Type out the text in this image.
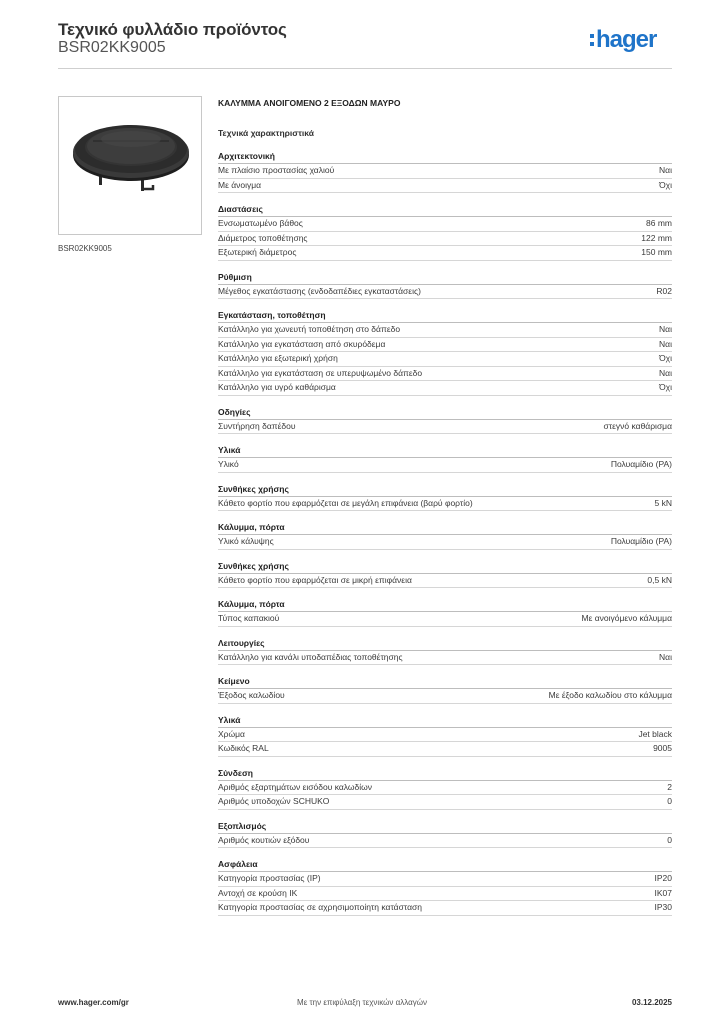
Τεχνικό φυλλάδιο προϊόντος
BSR02KK9005	hager
BSR02KK9005
ΚΑΛΥΜΜΑ ΑΝΟΙΓΟΜΕΝΟ 2 ΕΞΟΔΩΝ ΜΑΥΡΟ
Τεχνικά χαρακτηριστικά
Αρχιτεκτονική
Με πλαίσιο προστασίας χαλιού	Ναι
Με άνοιγμα	Όχι
Διαστάσεις
Ενσωματωμένο βάθος	86 mm
Διάμετρος τοποθέτησης	122 mm
Εξωτερική διάμετρος	150 mm
Ρύθμιση
Μέγεθος εγκατάστασης (ενδοδαπέδιες εγκαταστάσεις)	R02
Εγκατάσταση, τοποθέτηση
Κατάλληλο για χωνευτή τοποθέτηση στο δάπεδο	Ναι
Κατάλληλο για εγκατάσταση από σκυρόδεμα	Ναι
Κατάλληλο για εξωτερική χρήση	Όχι
Κατάλληλο για εγκατάσταση σε υπερυψωμένο δάπεδο	Ναι
Κατάλληλο για υγρό καθάρισμα	Όχι
Οδηγίες
Συντήρηση δαπέδου	στεγνό καθάρισμα
Υλικά
Υλικό	Πολυαμίδιο (PA)
Συνθήκες χρήσης
Κάθετο φορτίο που εφαρμόζεται σε μεγάλη επιφάνεια (βαρύ φορτίο)	5 kN
Κάλυμμα, πόρτα
Υλικό κάλυψης	Πολυαμίδιο (PA)
Συνθήκες χρήσης
Κάθετο φορτίο που εφαρμόζεται σε μικρή επιφάνεια	0,5 kN
Κάλυμμα, πόρτα
Τύπος καπακιού	Με ανοιγόμενο κάλυμμα
Λειτουργίες
Κατάλληλο για κανάλι υποδαπέδιας τοποθέτησης	Ναι
Κείμενο
Έξοδος καλωδίου	Με έξοδο καλωδίου στο κάλυμμα
Υλικά
Χρώμα	Jet black
Κωδικός RAL	9005
Σύνδεση
Αριθμός εξαρτημάτων εισόδου καλωδίων	2
Αριθμός υποδοχών SCHUKO	0
Εξοπλισμός
Αριθμός κουτιών εξόδου	0
Ασφάλεια
Κατηγορία προστασίας (IP)	IP20
Αντοχή σε κρούση IK	IK07
Κατηγορία προστασίας σε αχρησιμοποίητη κατάσταση	IP30
www.hager.com/gr	Με την επιφύλαξη τεχνικών αλλαγών	03.12.2025
